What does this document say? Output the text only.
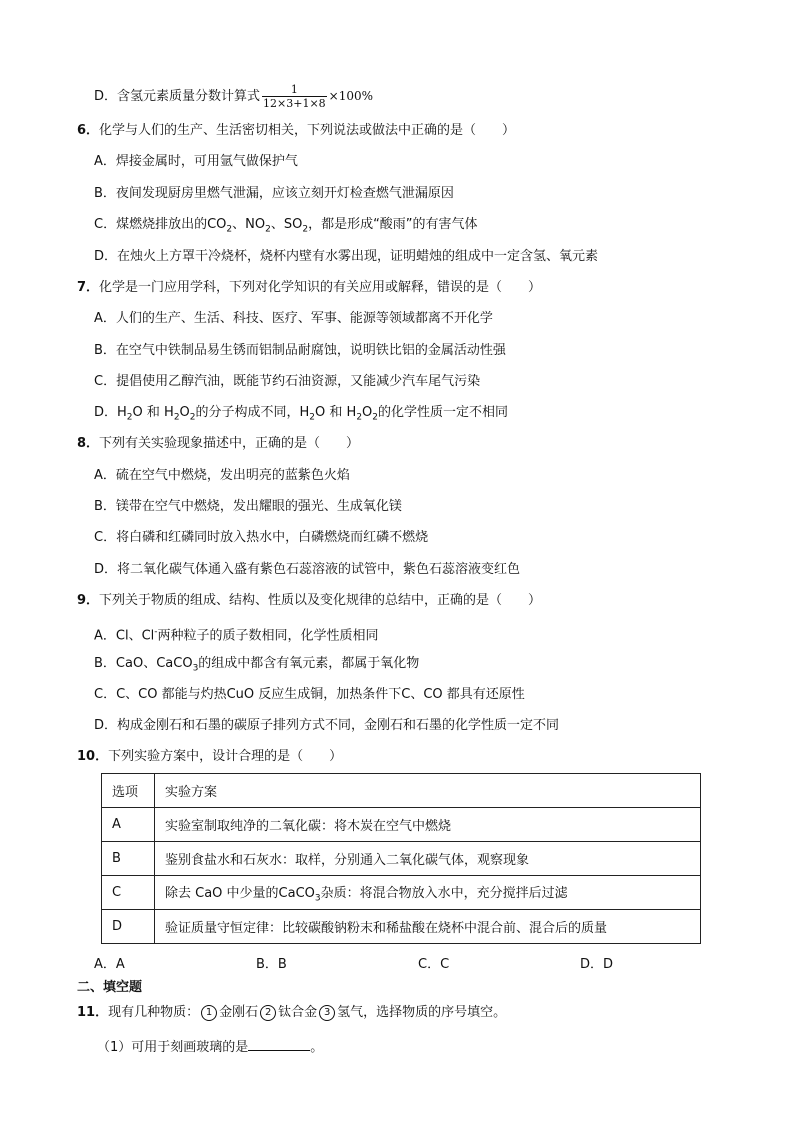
D．含氢元素质量分数计算式 $\frac{1}{12\times 3+1\times 8} \times 100\%$
6．化学与人们的生产、生活密切相关，下列说法或做法中正确的是（　　）
A．焊接金属时，可用氩气做保护气
B．夜间发现厨房里燃气泄漏，应该立刻开灯检查燃气泄漏原因
C．煤燃烧排放出的$CO_2$、$NO_2$、$SO_2$，都是形成“酸雨”的有害气体
D．在烛火上方罩干冷烧杯，烧杯内壁有水雾出现，证明蜡烛的组成中一定含氢、氧元素
7．化学是一门应用学科，下列对化学知识的有关应用或解释，错误的是（　　）
A．人们的生产、生活、科技、医疗、军事、能源等领域都离不开化学
B．在空气中铁制品易生锈而铝制品耐腐蚀，说明铁比铝的金属活动性强
C．提倡使用乙醇汽油，既能节约石油资源，又能减少汽车尾气污染
D．$H_2O$ 和 $H_2O_2$的分子构成不同，$H_2O$ 和 $H_2O_2$的化学性质一定不相同
8．下列有关实验现象描述中，正确的是（　　）
A．硫在空气中燃烧，发出明亮的蓝紫色火焰
B．镁带在空气中燃烧，发出耀眼的强光、生成氧化镁
C．将白磷和红磷同时放入热水中，白磷燃烧而红磷不燃烧
D．将二氧化碳气体通入盛有紫色石蕊溶液的试管中，紫色石蕊溶液变红色
9．下列关于物质的组成、结构、性质以及变化规律的总结中，正确的是（　　）
A．Cl、Cl-两种粒子的质子数相同，化学性质相同
B．CaO、CaCO$_3$的组成中都含有氧元素，都属于氧化物
C．C、CO 都能与灼热CuO 反应生成铜，加热条件下C、CO 都具有还原性
D．构成金刚石和石墨的碳原子排列方式不同，金刚石和石墨的化学性质一定不同
10．下列实验方案中，设计合理的是（　　）
选项	实验方案
A	实验室制取纯净的二氧化碳：将木炭在空气中燃烧
B	鉴别食盐水和石灰水：取样，分别通入二氧化碳气体，观察现象
C	除去 CaO 中少量的CaCO$_3$杂质：将混合物放入水中，充分搅拌后过滤
D	验证质量守恒定律：比较碳酸钠粉末和稀盐酸在烧杯中混合前、混合后的质量
A．A	B．B	C．C	D．D
二、填空题
11．现有几种物质： 1 金刚石 2 钛合金 3 氢气，选择物质的序号填空。
（1）可用于刻画玻璃的是	。
